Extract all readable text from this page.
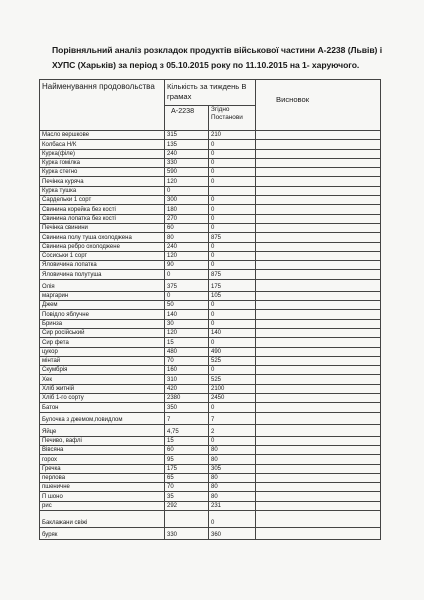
Порівняльний аналіз розкладок продуктів військової частини А-2238 (Львів) і
ХУПС (Харьків) за період з 05.10.2015 року по 11.10.2015 на 1- харуючого.
Найменування продовольства	Кількість за тиждень В грамах		Висновок
	А-2238	Згідно Постанови	
Масло вершкове	315	210	
Колбаса Н/К	135	0	
Курка(філе)	240	0	
Курка гомілка	330	0	
Курка стегно	590	0	
Печінка куряча	120	0	
Курка тушка	0		
Сардельки 1 сорт	300	0	
Свинина корейка без кості	180	0	
Свинина лопатка без кості	270	0	
Печінка свинини	60	0	
Свинина полу туша охолоджена	80	875	
Свинина ребро охолоджене	240	0	
Сосиськи 1 сорт	120	0	
Яловичина лопатка	90	0	
Яловичина полутуша	0	875	
Олія	375	175	
маргарин	0	105	
Джем	50	0	
Повідло яблучне	140	0	
Бринза	30	0	
Сир російський	120	140	
Сир фета	15	0	
цукор	480	490	
мінтай	70	525	
Скумбрія	160	0	
Хек	310	525	
Хліб житній	420	2100	
Хліб 1-го сорту	2380	2450	
Батон	350	0	
Булочка з джемом,повидлом	7	7	
Яйце	4,75	2	
Печиво, вафлі	15	0	
Вівсяна	60	80	
горох	95	80	
Гречка	175	305	
перлова	65	80	
пшеничне	70	80	
П шоно	35	80	
рис	292	231	
Баклажани свіжі		0	
буряк	330	360	
